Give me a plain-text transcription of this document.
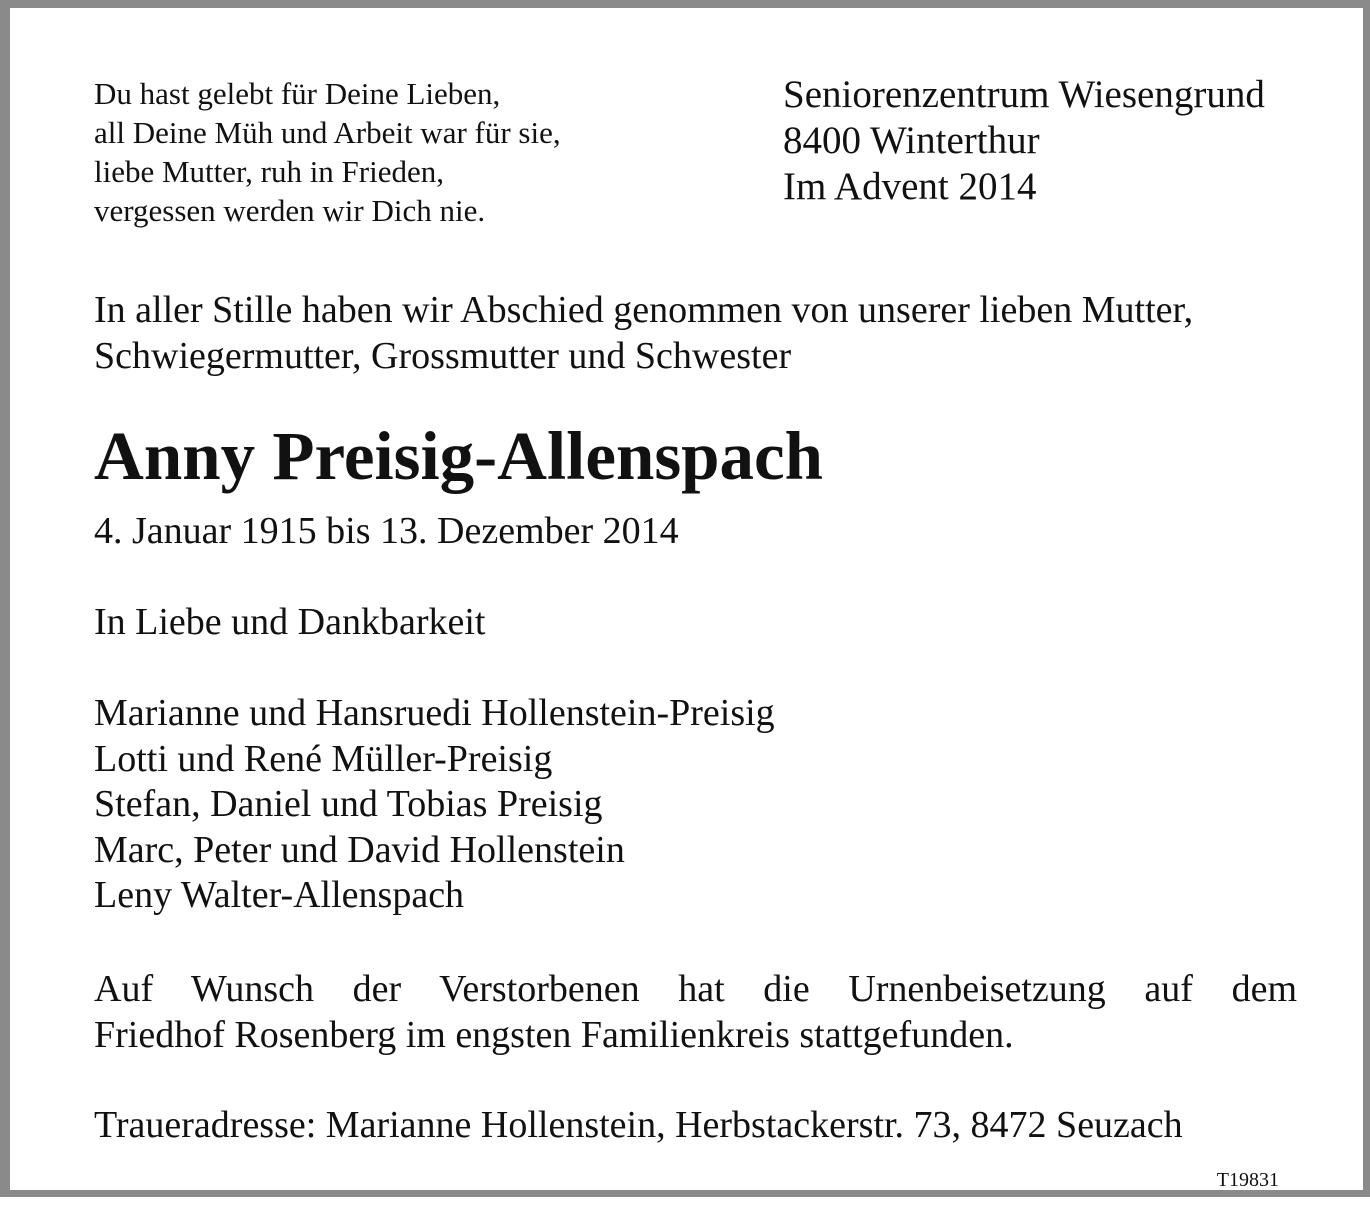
Du hast gelebt für Deine Lieben,
all Deine Müh und Arbeit war für sie,
liebe Mutter, ruh in Frieden,
vergessen werden wir Dich nie.
Seniorenzentrum Wiesengrund
8400 Winterthur
Im Advent 2014
In aller Stille haben wir Abschied genommen von unserer lieben Mutter,
Schwiegermutter, Grossmutter und Schwester
Anny Preisig-Allenspach
4. Januar 1915 bis 13. Dezember 2014
In Liebe und Dankbarkeit
Marianne und Hansruedi Hollenstein-Preisig
Lotti und René Müller-Preisig
Stefan, Daniel und Tobias Preisig
Marc, Peter und David Hollenstein
Leny Walter-Allenspach
Auf Wunsch der Verstorbenen hat die Urnenbeisetzung auf dem
Friedhof Rosenberg im engsten Familienkreis stattgefunden.
Traueradresse: Marianne Hollenstein, Herbstackerstr. 73, 8472 Seuzach
T19831
